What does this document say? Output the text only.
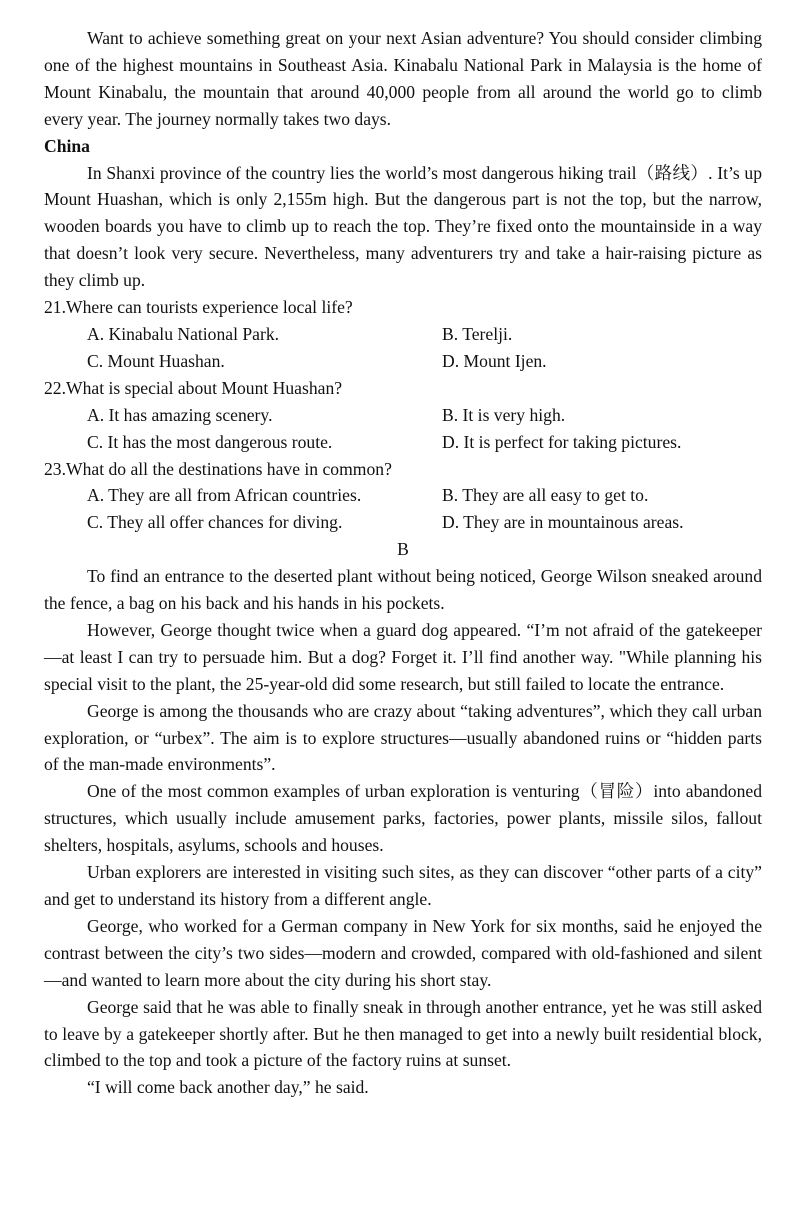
Want to achieve something great on your next Asian adventure? You should consider climbing one of the highest mountains in Southeast Asia. Kinabalu National Park in Malaysia is the home of Mount Kinabalu, the mountain that around 40,000 people from all around the world go to climb every year. The journey normally takes two days.

China

In Shanxi province of the country lies the world’s most dangerous hiking trail（路线）. It’s up Mount Huashan, which is only 2,155m high. But the dangerous part is not the top, but the narrow, wooden boards you have to climb up to reach the top. They’re fixed onto the mountainside in a way that doesn’t look very secure. Nevertheless, many adventurers try and take a hair-raising picture as they climb up.

21.Where can tourists experience local life?

A. Kinabalu National Park.	B. Terelji.
C. Mount Huashan.	D. Mount Ijen.

22.What is special about Mount Huashan?

A. It has amazing scenery.	B. It is very high.
C. It has the most dangerous route.	D. It is perfect for taking pictures.

23.What do all the destinations have in common?

A. They are all from African countries.	B. They are all easy to get to.
C. They all offer chances for diving.	D. They are in mountainous areas.

B

To find an entrance to the deserted plant without being noticed, George Wilson sneaked around the fence, a bag on his back and his hands in his pockets.

However, George thought twice when a guard dog appeared. “I’m not afraid of the gatekeeper—at least I can try to persuade him. But a dog? Forget it. I’ll find another way. "While planning his special visit to the plant, the 25-year-old did some research, but still failed to locate the entrance.

George is among the thousands who are crazy about “taking adventures”, which they call urban exploration, or “urbex”. The aim is to explore structures—usually abandoned ruins or “hidden parts of the man-made environments”.

One of the most common examples of urban exploration is venturing（冒险）into abandoned structures, which usually include amusement parks, factories, power plants, missile silos, fallout shelters, hospitals, asylums, schools and houses.

Urban explorers are interested in visiting such sites, as they can discover “other parts of a city” and get to understand its history from a different angle.

George, who worked for a German company in New York for six months, said he enjoyed the contrast between the city’s two sides—modern and crowded, compared with old-fashioned and silent—and wanted to learn more about the city during his short stay.

George said that he was able to finally sneak in through another entrance, yet he was still asked to leave by a gatekeeper shortly after. But he then managed to get into a newly built residential block, climbed to the top and took a picture of the factory ruins at sunset.

“I will come back another day,” he said.
